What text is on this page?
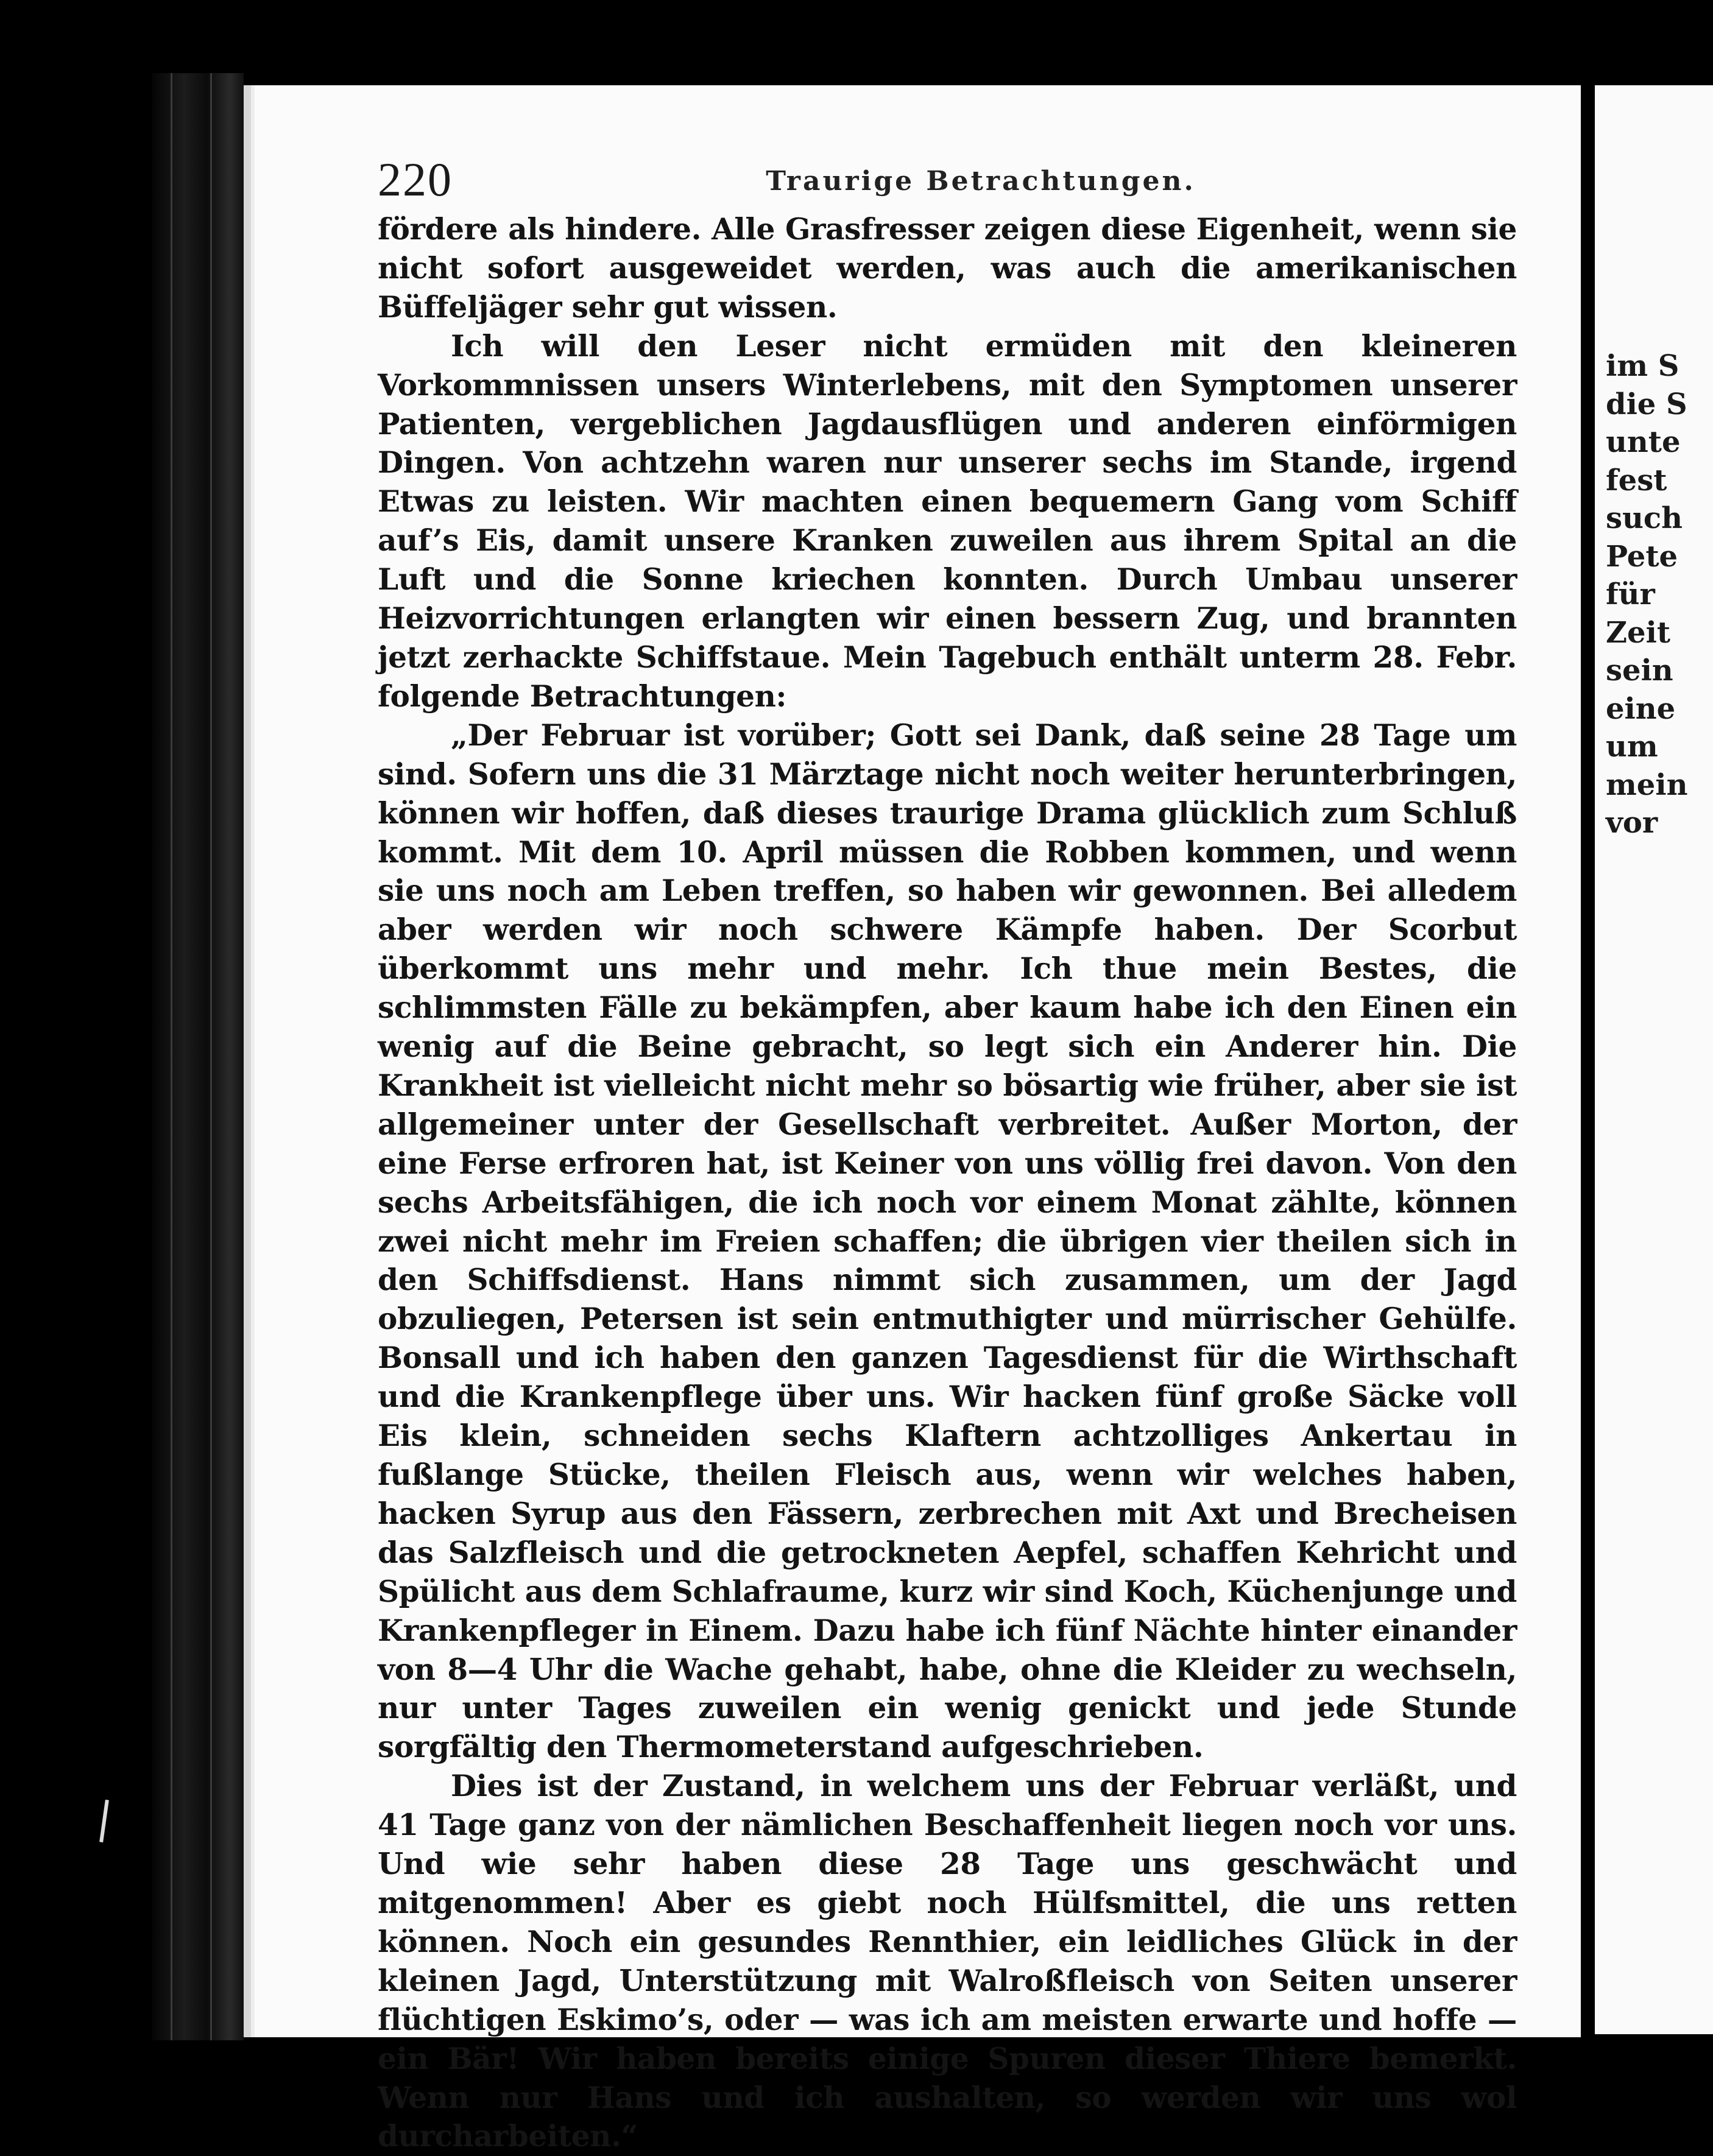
220	Traurige Betrachtungen.

fördere als hindere. Alle Grasfresser zeigen diese Eigenheit, wenn sie nicht sofort ausgeweidet werden, was auch die amerikanischen Büffeljäger sehr gut wissen.

Ich will den Leser nicht ermüden mit den kleineren Vorkommnissen unsers Winterlebens, mit den Symptomen unserer Patienten, vergeblichen Jagdausflügen und anderen einförmigen Dingen. Von achtzehn waren nur unserer sechs im Stande, irgend Etwas zu leisten. Wir machten einen bequemern Gang vom Schiff auf’s Eis, damit unsere Kranken zuweilen aus ihrem Spital an die Luft und die Sonne kriechen konnten. Durch Umbau unserer Heizvorrichtungen erlangten wir einen bessern Zug, und brannten jetzt zerhackte Schiffstaue. Mein Tagebuch enthält unterm 28. Febr. folgende Betrachtungen:

„Der Februar ist vorüber; Gott sei Dank, daß seine 28 Tage um sind. Sofern uns die 31 Märztage nicht noch weiter herunterbringen, können wir hoffen, daß dieses traurige Drama glücklich zum Schluß kommt. Mit dem 10. April müssen die Robben kommen, und wenn sie uns noch am Leben treffen, so haben wir gewonnen. Bei alledem aber werden wir noch schwere Kämpfe haben. Der Scorbut überkommt uns mehr und mehr. Ich thue mein Bestes, die schlimmsten Fälle zu bekämpfen, aber kaum habe ich den Einen ein wenig auf die Beine gebracht, so legt sich ein Anderer hin. Die Krankheit ist vielleicht nicht mehr so bösartig wie früher, aber sie ist allgemeiner unter der Gesellschaft verbreitet. Außer Morton, der eine Ferse erfroren hat, ist Keiner von uns völlig frei davon. Von den sechs Arbeitsfähigen, die ich noch vor einem Monat zählte, können zwei nicht mehr im Freien schaffen; die übrigen vier theilen sich in den Schiffsdienst. Hans nimmt sich zusammen, um der Jagd obzuliegen, Petersen ist sein entmuthigter und mürrischer Gehülfe. Bonsall und ich haben den ganzen Tagesdienst für die Wirthschaft und die Krankenpflege über uns. Wir hacken fünf große Säcke voll Eis klein, schneiden sechs Klaftern achtzolliges Ankertau in fußlange Stücke, theilen Fleisch aus, wenn wir welches haben, hacken Syrup aus den Fässern, zerbrechen mit Axt und Brecheisen das Salzfleisch und die getrockneten Aepfel, schaffen Kehricht und Spülicht aus dem Schlafraume, kurz wir sind Koch, Küchenjunge und Krankenpfleger in Einem. Dazu habe ich fünf Nächte hinter einander von 8—4 Uhr die Wache gehabt, habe, ohne die Kleider zu wechseln, nur unter Tages zuweilen ein wenig genickt und jede Stunde sorgfältig den Thermometerstand aufgeschrieben.

Dies ist der Zustand, in welchem uns der Februar verläßt, und 41 Tage ganz von der nämlichen Beschaffenheit liegen noch vor uns. Und wie sehr haben diese 28 Tage uns geschwächt und mitgenommen! Aber es giebt noch Hülfsmittel, die uns retten können. Noch ein gesundes Rennthier, ein leidliches Glück in der kleinen Jagd, Unterstützung mit Walroßfleisch von Seiten unserer flüchtigen Eskimo’s, oder — was ich am meisten erwarte und hoffe — ein Bär! Wir haben bereits einige Spuren dieser Thiere bemerkt. Wenn nur Hans und ich aushalten, so werden wir uns wol durcharbeiten.“

im S
die S
unte
fest
such
Pete
für
Zeit
sein
eine
um
mein
vor
